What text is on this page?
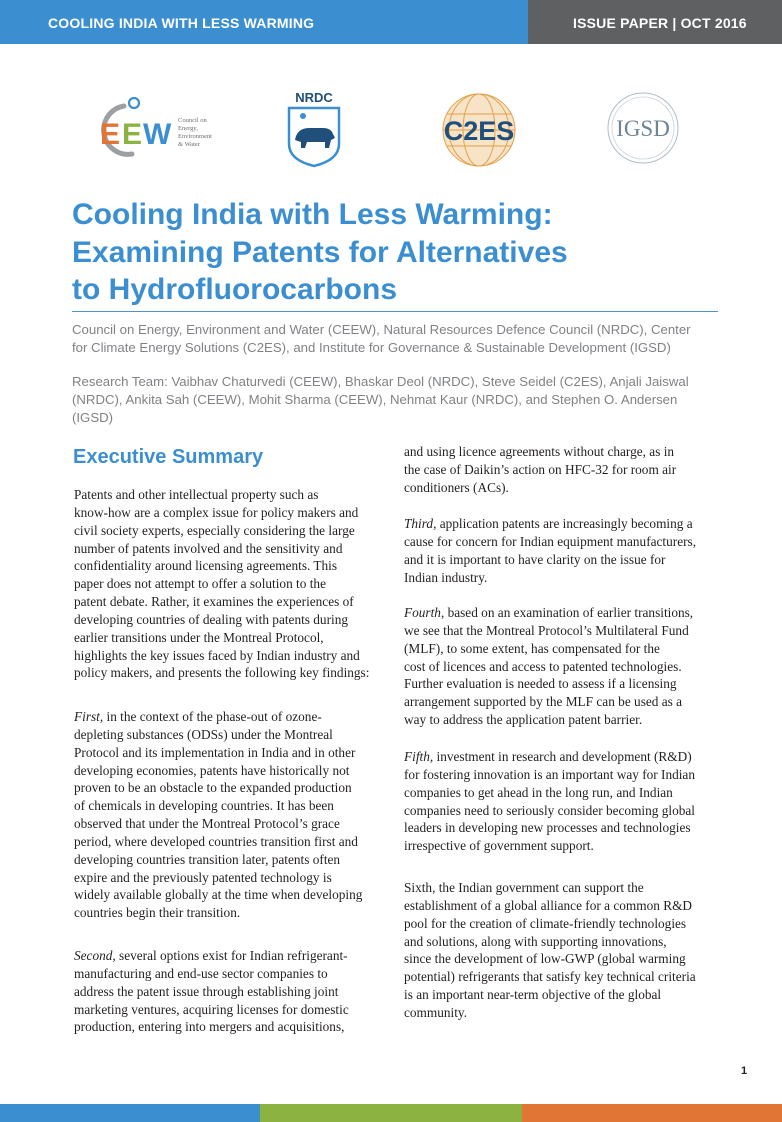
COOLING INDIA WITH LESS WARMING	ISSUE PAPER | OCT 2016
E E W Council on
Energy,
Environment
& Water
NRDC
C2ES	IGSD
Cooling India with Less Warming:
Examining Patents for Alternatives
to Hydrofluorocarbons
Council on Energy, Environment and Water (CEEW), Natural Resources Defence Council (NRDC), Center
for Climate Energy Solutions (C2ES), and Institute for Governance & Sustainable Development (IGSD)
Research Team: Vaibhav Chaturvedi (CEEW), Bhaskar Deol (NRDC), Steve Seidel (C2ES), Anjali Jaiswal
(NRDC), Ankita Sah (CEEW), Mohit Sharma (CEEW), Nehmat Kaur (NRDC), and Stephen O. Andersen
(IGSD)
Executive Summary
Patents and other intellectual property such as
know-how are a complex issue for policy makers and
civil society experts, especially considering the large
number of patents involved and the sensitivity and
confidentiality around licensing agreements. This
paper does not attempt to offer a solution to the
patent debate. Rather, it examines the experiences of
developing countries of dealing with patents during
earlier transitions under the Montreal Protocol,
highlights the key issues faced by Indian industry and
policy makers, and presents the following key findings:
First, in the context of the phase-out of ozone-
depleting substances (ODSs) under the Montreal
Protocol and its implementation in India and in other
developing economies, patents have historically not
proven to be an obstacle to the expanded production
of chemicals in developing countries. It has been
observed that under the Montreal Protocol’s grace
period, where developed countries transition first and
developing countries transition later, patents often
expire and the previously patented technology is
widely available globally at the time when developing
countries begin their transition.
Second, several options exist for Indian refrigerant-
manufacturing and end-use sector companies to
address the patent issue through establishing joint
marketing ventures, acquiring licenses for domestic
production, entering into mergers and acquisitions,
and using licence agreements without charge, as in
the case of Daikin’s action on HFC-32 for room air
conditioners (ACs).
Third, application patents are increasingly becoming a
cause for concern for Indian equipment manufacturers,
and it is important to have clarity on the issue for
Indian industry.
Fourth, based on an examination of earlier transitions,
we see that the Montreal Protocol’s Multilateral Fund
(MLF), to some extent, has compensated for the
cost of licences and access to patented technologies.
Further evaluation is needed to assess if a licensing
arrangement supported by the MLF can be used as a
way to address the application patent barrier.
Fifth, investment in research and development (R&D)
for fostering innovation is an important way for Indian
companies to get ahead in the long run, and Indian
companies need to seriously consider becoming global
leaders in developing new processes and technologies
irrespective of government support.
Sixth, the Indian government can support the
establishment of a global alliance for a common R&D
pool for the creation of climate-friendly technologies
and solutions, along with supporting innovations,
since the development of low-GWP (global warming
potential) refrigerants that satisfy key technical criteria
is an important near-term objective of the global
community.
1
